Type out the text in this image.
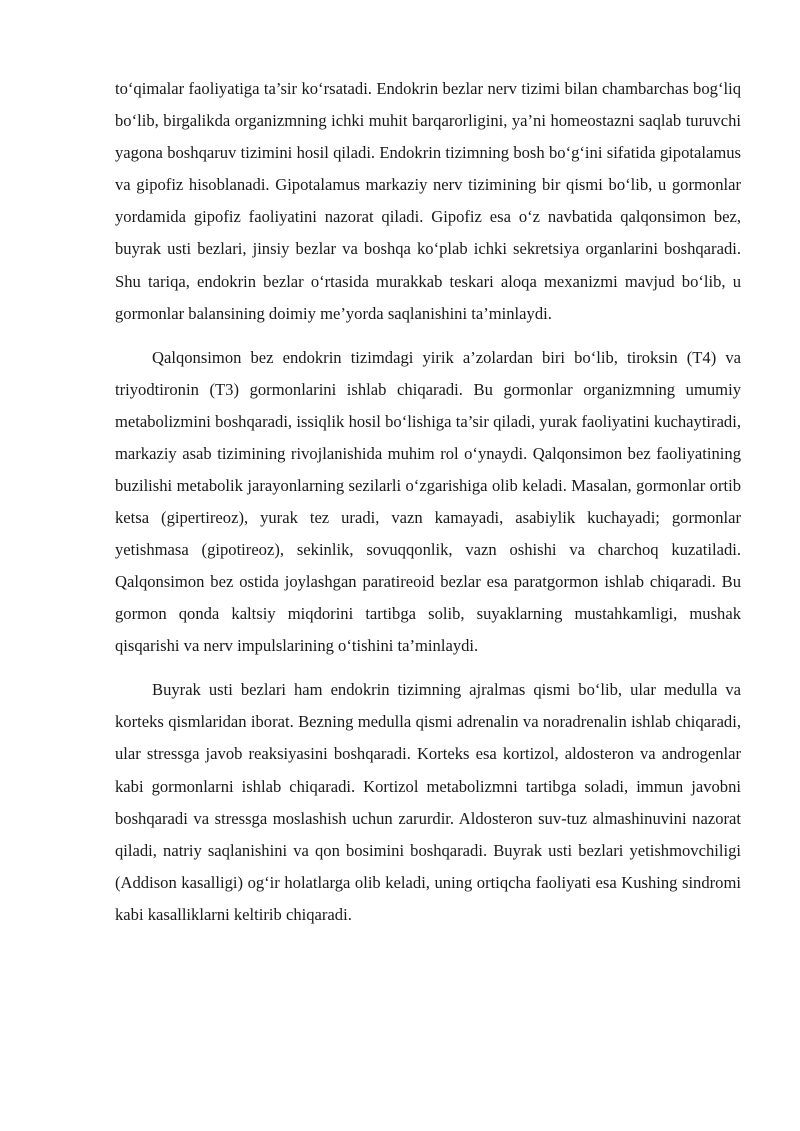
to‘qimalar faoliyatiga ta’sir ko‘rsatadi. Endokrin bezlar nerv tizimi bilan chambarchas bog‘liq bo‘lib, birgalikda organizmning ichki muhit barqarorligini, ya’ni homeostazni saqlab turuvchi yagona boshqaruv tizimini hosil qiladi. Endokrin tizimning bosh bo‘g‘ini sifatida gipotalamus va gipofiz hisoblanadi. Gipotalamus markaziy nerv tizimining bir qismi bo‘lib, u gormonlar yordamida gipofiz faoliyatini nazorat qiladi. Gipofiz esa o‘z navbatida qalqonsimon bez, buyrak usti bezlari, jinsiy bezlar va boshqa ko‘plab ichki sekretsiya organlarini boshqaradi. Shu tariqa, endokrin bezlar o‘rtasida murakkab teskari aloqa mexanizmi mavjud bo‘lib, u gormonlar balansining doimiy me’yorda saqlanishini ta’minlaydi.

Qalqonsimon bez endokrin tizimdagi yirik a’zolardan biri bo‘lib, tiroksin (T4) va triyodtironin (T3) gormonlarini ishlab chiqaradi. Bu gormonlar organizmning umumiy metabolizmini boshqaradi, issiqlik hosil bo‘lishiga ta’sir qiladi, yurak faoliyatini kuchaytiradi, markaziy asab tizimining rivojlanishida muhim rol o‘ynaydi. Qalqonsimon bez faoliyatining buzilishi metabolik jarayonlarning sezilarli o‘zgarishiga olib keladi. Masalan, gormonlar ortib ketsa (gipertireoz), yurak tez uradi, vazn kamayadi, asabiylik kuchayadi; gormonlar yetishmasa (gipotireoz), sekinlik, sovuqqonlik, vazn oshishi va charchoq kuzatiladi. Qalqonsimon bez ostida joylashgan paratireoid bezlar esa paratgormon ishlab chiqaradi. Bu gormon qonda kaltsiy miqdorini tartibga solib, suyaklarning mustahkamligi, mushak qisqarishi va nerv impulslarining o‘tishini ta’minlaydi.

Buyrak usti bezlari ham endokrin tizimning ajralmas qismi bo‘lib, ular medulla va korteks qismlaridan iborat. Bezning medulla qismi adrenalin va noradrenalin ishlab chiqaradi, ular stressga javob reaksiyasini boshqaradi. Korteks esa kortizol, aldosteron va androgenlar kabi gormonlarni ishlab chiqaradi. Kortizol metabolizmni tartibga soladi, immun javobni boshqaradi va stressga moslashish uchun zarurdir. Aldosteron suv-tuz almashinuvini nazorat qiladi, natriy saqlanishini va qon bosimini boshqaradi. Buyrak usti bezlari yetishmovchiligi (Addison kasalligi) og‘ir holatlarga olib keladi, uning ortiqcha faoliyati esa Kushing sindromi kabi kasalliklarni keltirib chiqaradi.
